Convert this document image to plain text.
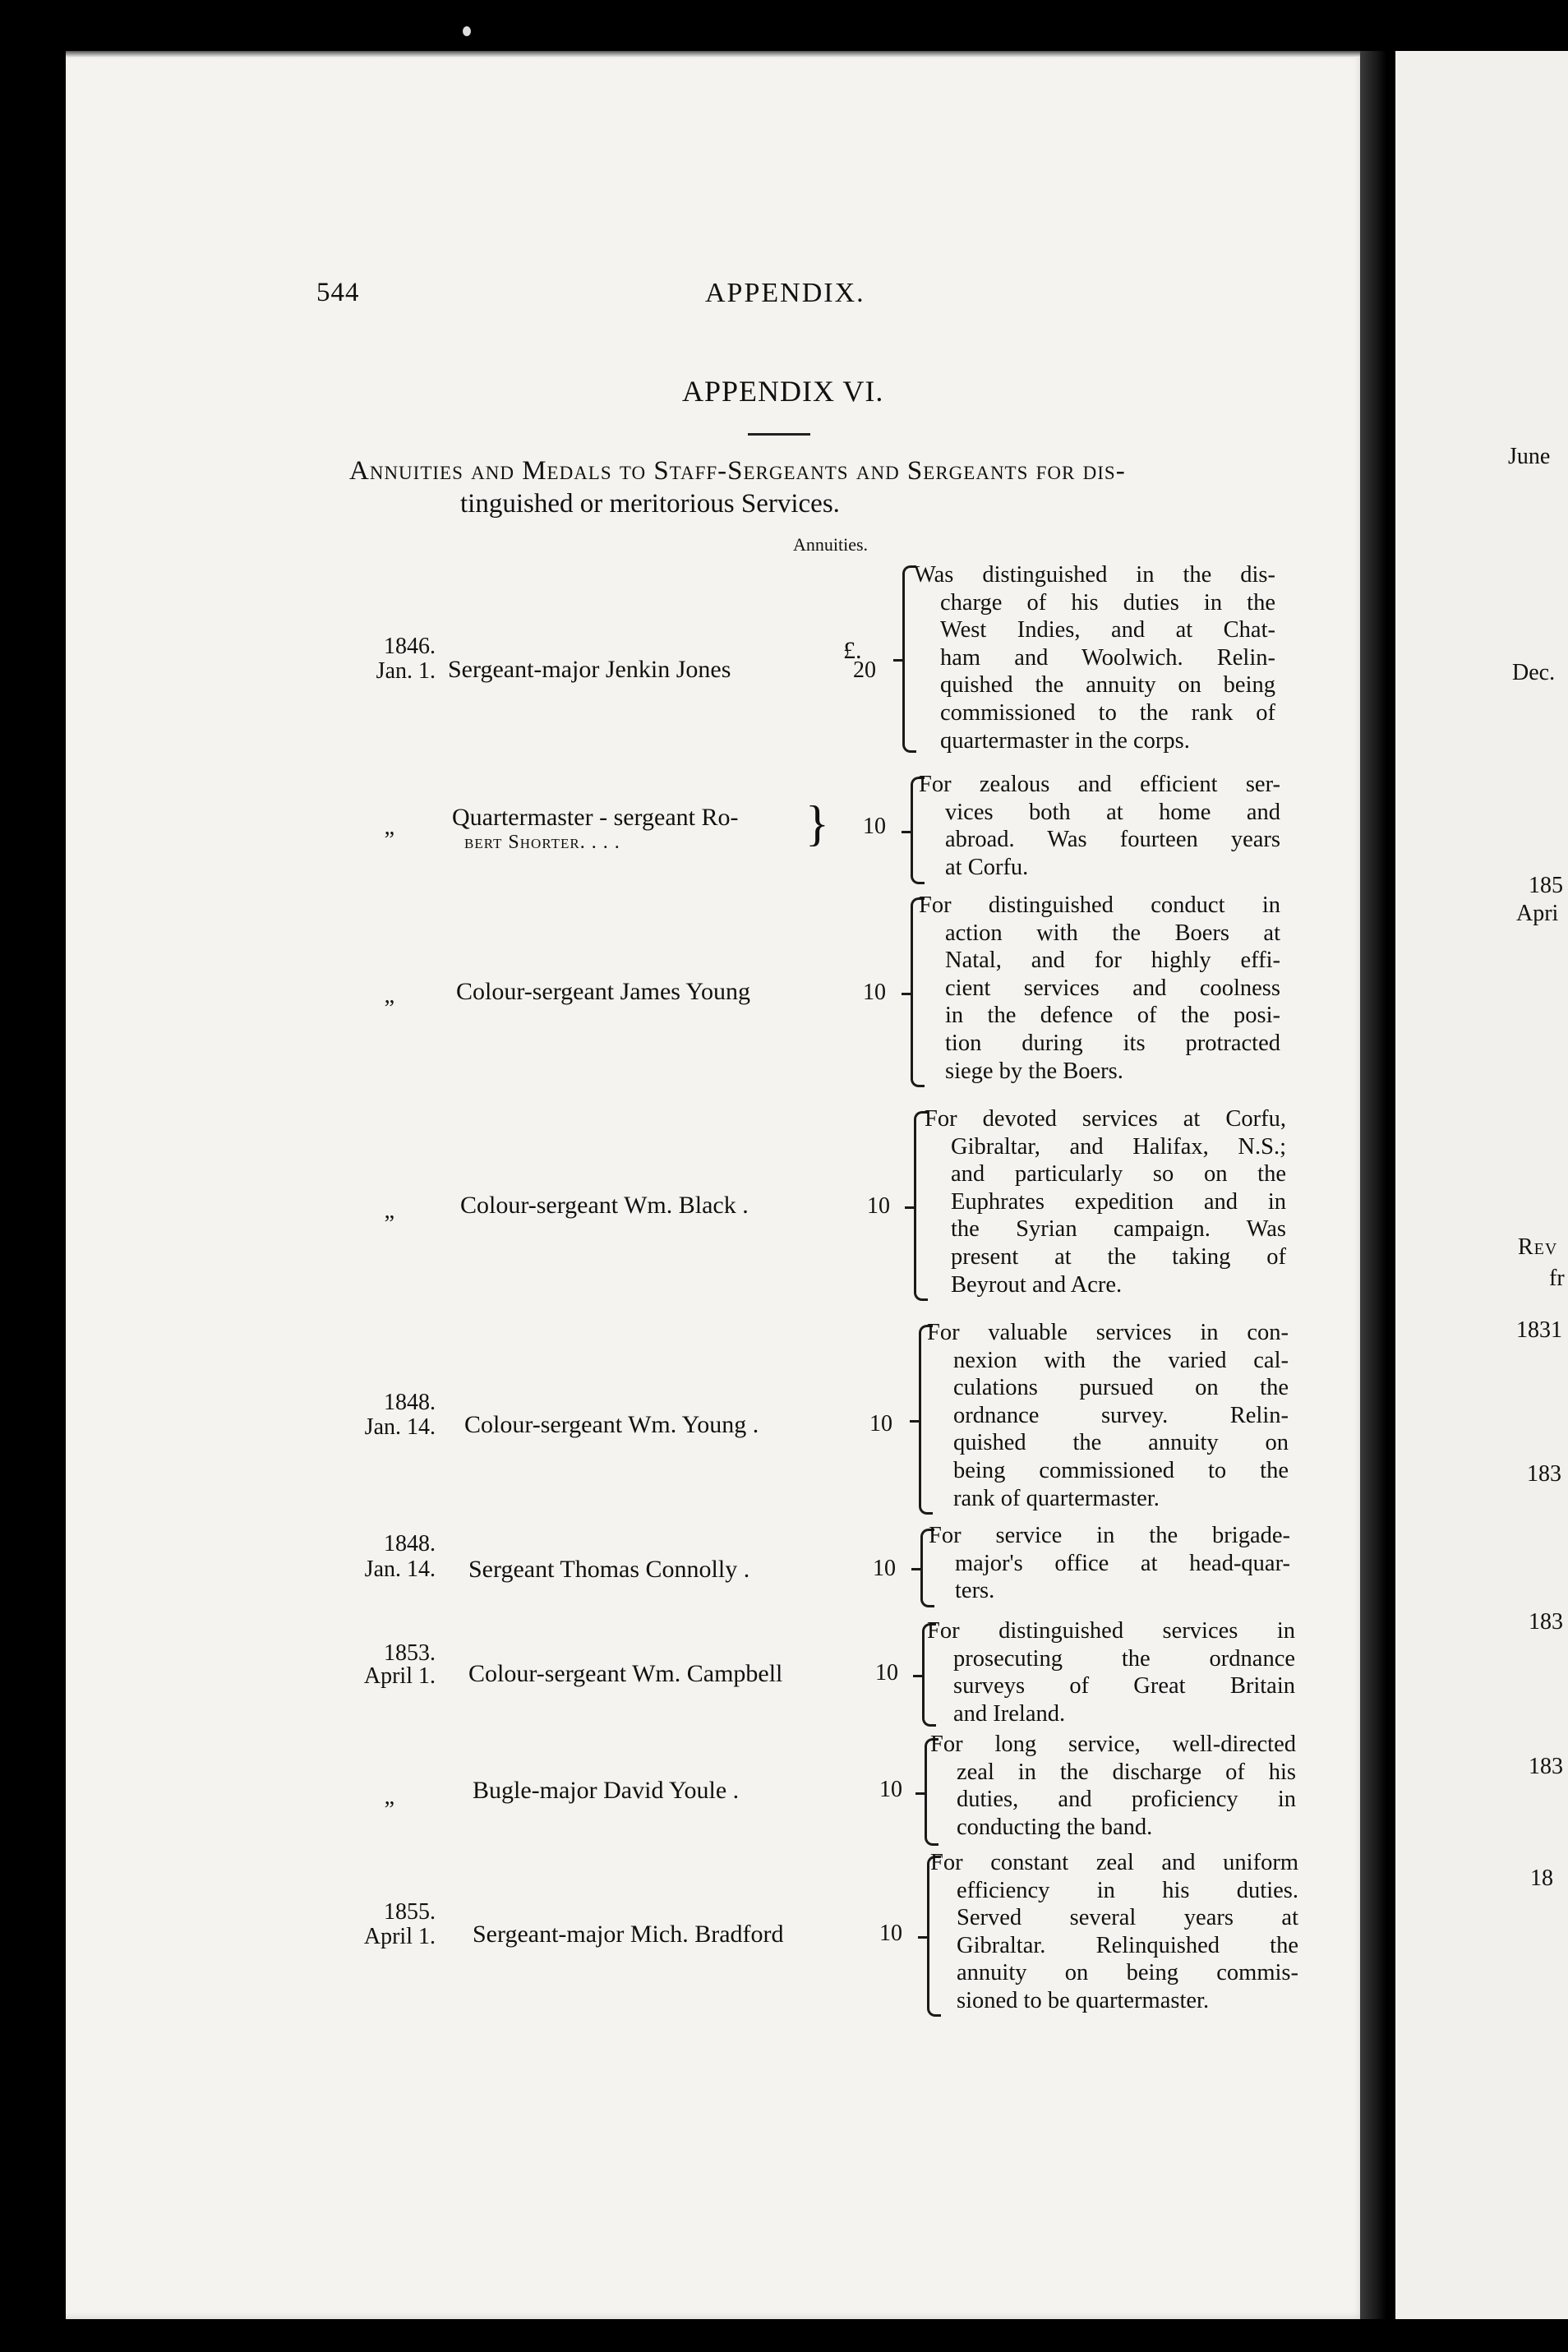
544	APPENDIX.
APPENDIX VI.
Annuities and Medals to Staff-Sergeants and Sergeants for dis-
tinguished or meritorious Services.
Annuities.
£.
1846.
Jan. 1. Sergeant-major Jenkin Jones	20
Was distinguished in the dis-
charge of his duties in the
West Indies, and at Chat-
ham and Woolwich. Relin-
quished the annuity on being
commissioned to the rank of
quartermaster in the corps.
„ Quartermaster - sergeant Ro-
bert Shorter. . . .	} 10
For zealous and efficient ser-
vices both at home and
abroad. Was fourteen years
at Corfu.
„	Colour-sergeant James Young	10
For distinguished conduct in
action with the Boers at
Natal, and for highly effi-
cient services and coolness
in the defence of the posi-
tion during its protracted
siege by the Boers.
„	Colour-sergeant Wm. Black .	10
For devoted services at Corfu,
Gibraltar, and Halifax, N.S.;
and particularly so on the
Euphrates expedition and in
the Syrian campaign. Was
present at the taking of
Beyrout and Acre.
1848.
Jan. 14. Colour-sergeant Wm. Young .	10
For valuable services in con-
nexion with the varied cal-
culations pursued on the
ordnance survey. Relin-
quished the annuity on
being commissioned to the
rank of quartermaster.
1848.
Jan. 14. Sergeant Thomas Connolly .	10
For service in the brigade-
major's office at head-quar-
ters.
1853.
April 1. Colour-sergeant Wm. Campbell	10
For distinguished services in
prosecuting the ordnance
surveys of Great Britain
and Ireland.
„	Bugle-major David Youle .	10
For long service, well-directed
zeal in the discharge of his
duties, and proficiency in
conducting the band.
1855.
April 1. Sergeant-major Mich. Bradford	10
For constant zeal and uniform
efficiency in his duties.
Served several years at
Gibraltar. Relinquished the
annuity on being commis-
sioned to be quartermaster.
June
Dec.
185
Apri
Rev
fr
1831
183
183
183
18
